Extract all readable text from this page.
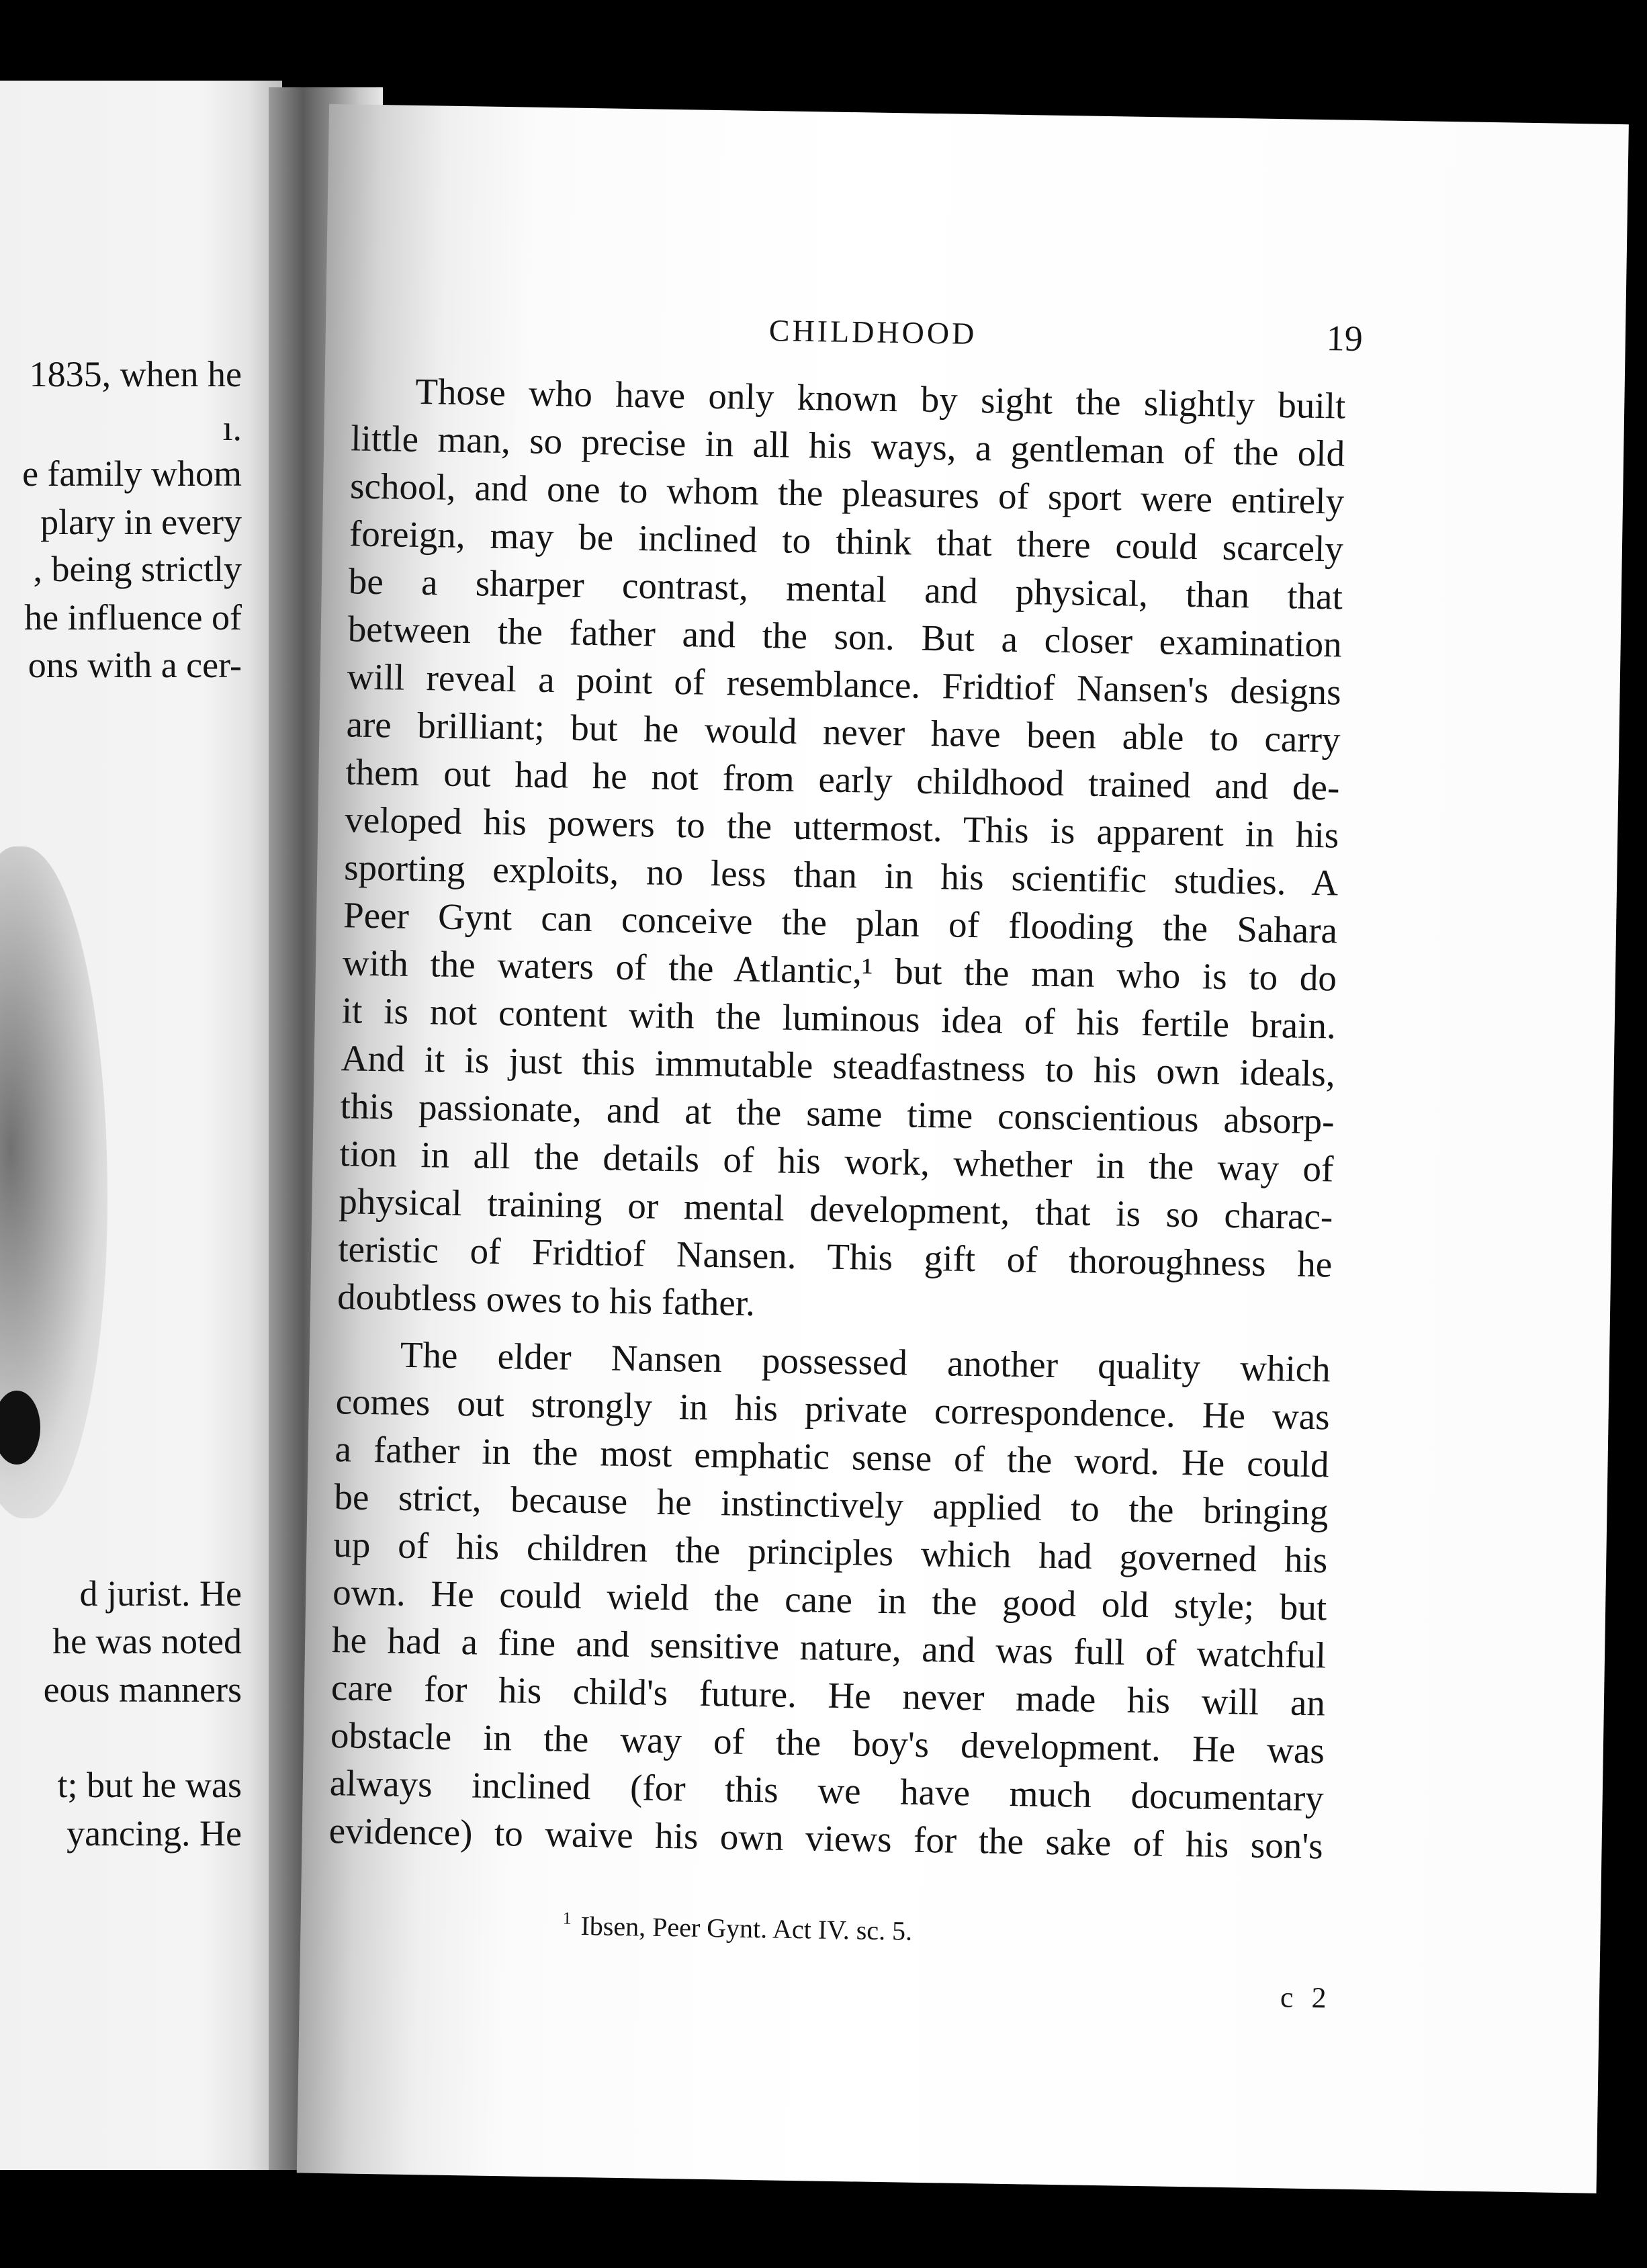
1835, when he
ı.
e family whom
plary in every
, being strictly
he influence of
ons with a cer-
d jurist. He
he was noted
eous manners
t; but he was
yancing. He
CHILDHOOD	19
Those who have only known by sight the slightly built
little man, so precise in all his ways, a gentleman of the old
school, and one to whom the pleasures of sport were entirely
foreign, may be inclined to think that there could scarcely
be a sharper contrast, mental and physical, than that
between the father and the son. But a closer examination
will reveal a point of resemblance. Fridtiof Nansen's designs
are brilliant; but he would never have been able to carry
them out had he not from early childhood trained and de-
veloped his powers to the uttermost. This is apparent in his
sporting exploits, no less than in his scientific studies. A
Peer Gynt can conceive the plan of flooding the Sahara
with the waters of the Atlantic,¹ but the man who is to do
it is not content with the luminous idea of his fertile brain.
And it is just this immutable steadfastness to his own ideals,
this passionate, and at the same time conscientious absorp-
tion in all the details of his work, whether in the way of
physical training or mental development, that is so charac-
teristic of Fridtiof Nansen. This gift of thoroughness he
doubtless owes to his father.
The elder Nansen possessed another quality which
comes out strongly in his private correspondence. He was
a father in the most emphatic sense of the word. He could
be strict, because he instinctively applied to the bringing
up of his children the principles which had governed his
own. He could wield the cane in the good old style; but
he had a fine and sensitive nature, and was full of watchful
care for his child's future. He never made his will an
obstacle in the way of the boy's development. He was
always inclined (for this we have much documentary
evidence) to waive his own views for the sake of his son's
$^1$ Ibsen, Peer Gynt. Act IV. sc. 5.
c 2
